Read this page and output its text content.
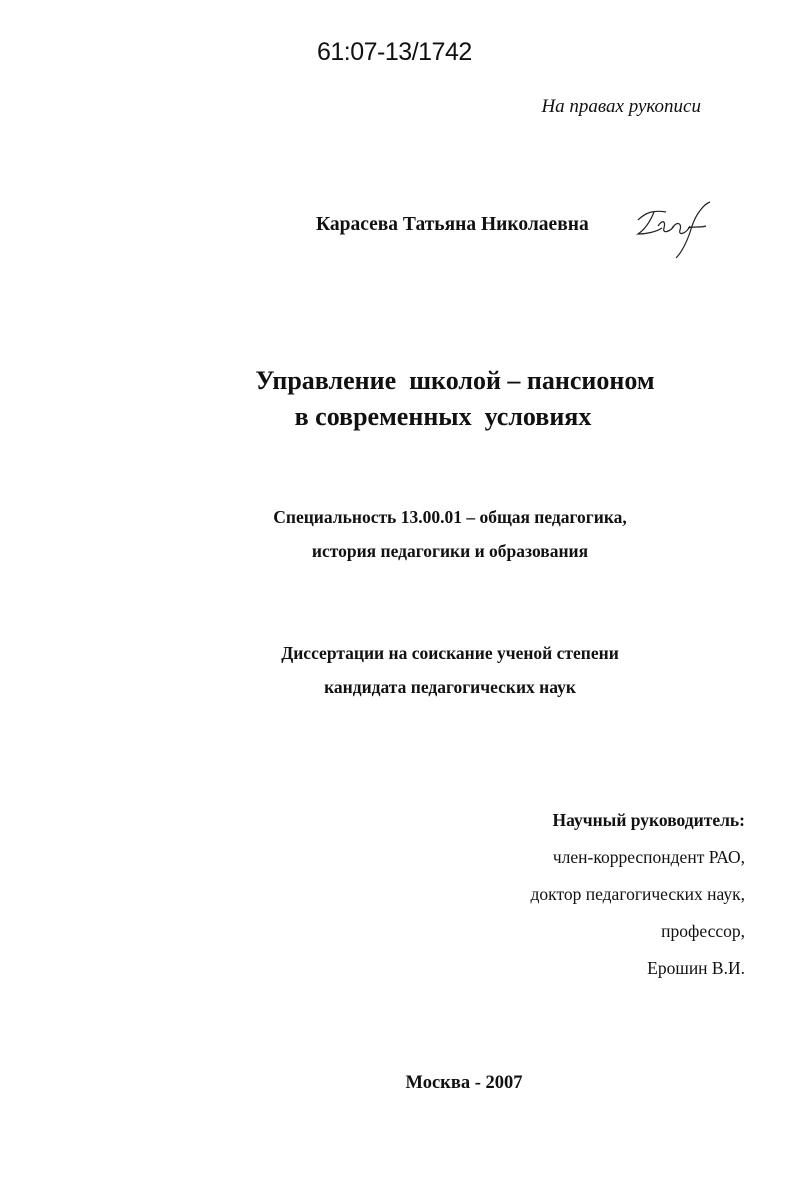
61:07-13/1742
На правах рукописи
Карасева Татьяна Николаевна
Управление  школой – пансионом
в современных  условиях
Специальность 13.00.01 – общая педагогика,
история педагогики и образования
Диссертации на соискание ученой степени
кандидата педагогических наук
Научный руководитель:
член-корреспондент РАО,
доктор педагогических наук,
профессор,
Ерошин В.И.
Москва - 2007
